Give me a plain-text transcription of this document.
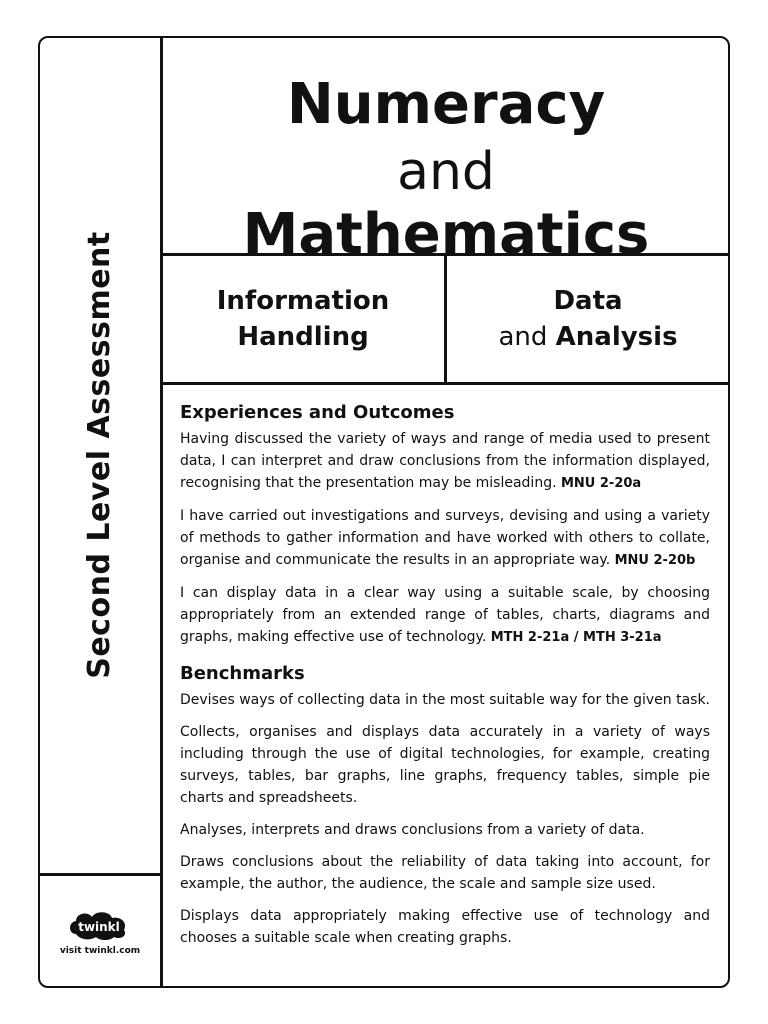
Second Level Assessment
twinkl
visit twinkl.com
Numeracy
and
Mathematics
Information
Handling
Data
and Analysis
Experiences and Outcomes

Having discussed the variety of ways and range of media used to present data, I can interpret and draw conclusions from the information displayed, recognising that the presentation may be misleading. MNU 2-20a

I have carried out investigations and surveys, devising and using a variety of methods to gather information and have worked with others to collate, organise and communicate the results in an appropriate way. MNU 2-20b

I can display data in a clear way using a suitable scale, by choosing appropriately from an extended range of tables, charts, diagrams and graphs, making effective use of technology. MTH 2-21a / MTH 3-21a

Benchmarks

Devises ways of collecting data in the most suitable way for the given task.

Collects, organises and displays data accurately in a variety of ways including through the use of digital technologies, for example, creating surveys, tables, bar graphs, line graphs, frequency tables, simple pie charts and spreadsheets.

Analyses, interprets and draws conclusions from a variety of data.

Draws conclusions about the reliability of data taking into account, for example, the author, the audience, the scale and sample size used.

Displays data appropriately making effective use of technology and chooses a suitable scale when creating graphs.
